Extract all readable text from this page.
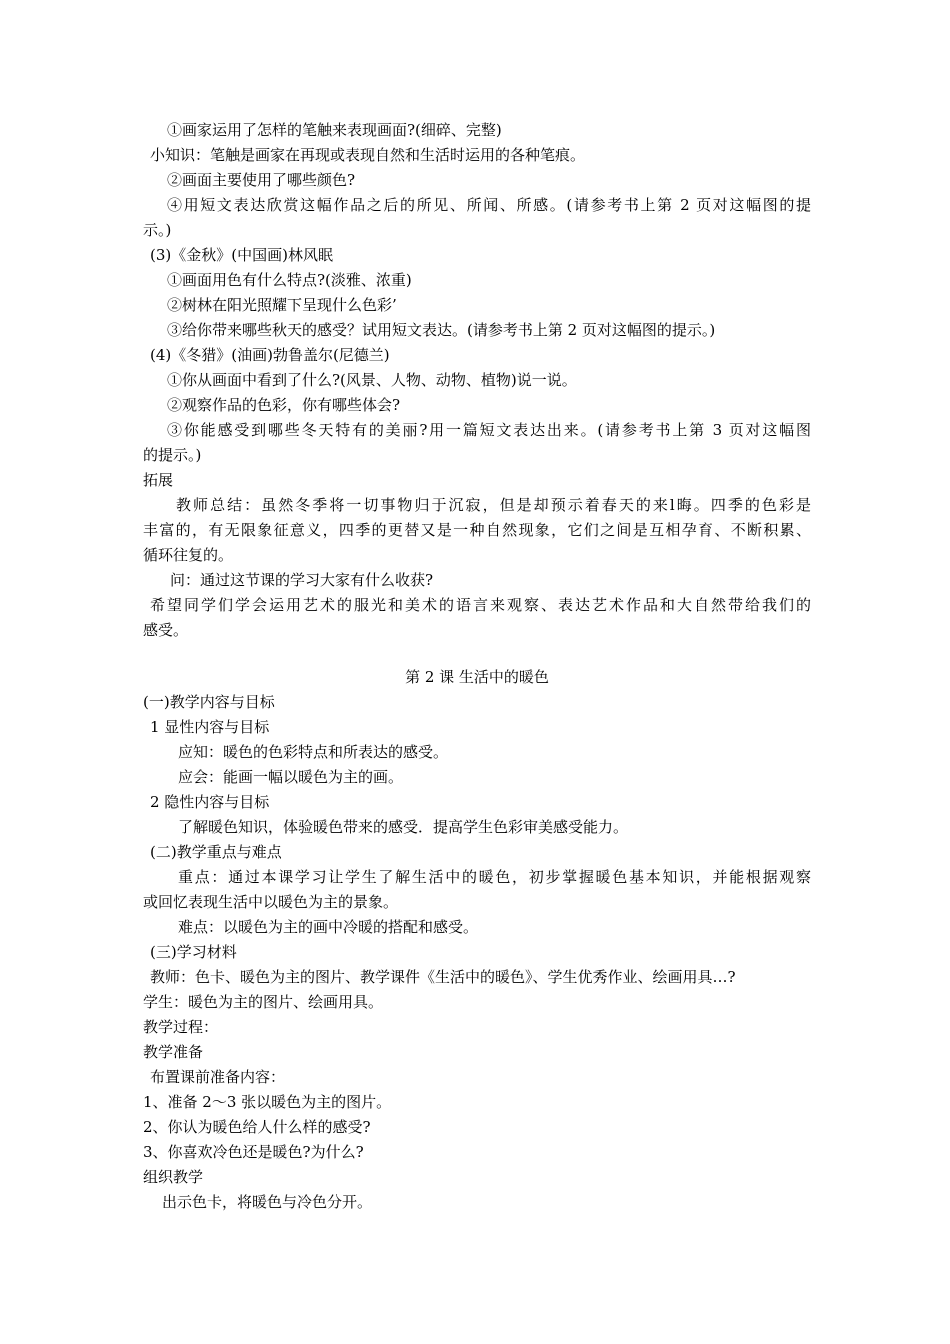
①画家运用了怎样的笔触来表现画面?(细碎、完整)
小知识：笔触是画家在再现或表现自然和生活时运用的各种笔痕。
②画面主要使用了哪些颜色?
④用短文表达欣赏这幅作品之后的所见、所闻、所感。(请参考书上第 2 页对这幅图的提
示。)
(3)《金秋》(中国画)林风眠
①画面用色有什么特点?(淡雅、浓重)
②树林在阳光照耀下呈现什么色彩’
③给你带来哪些秋天的感受？试用短文表达。(请参考书上第 2 页对这幅图的提示。)
(4)《冬猎》(油画)勃鲁盖尔(尼德兰)
①你从画面中看到了什么?(风景、人物、动物、植物)说一说。
②观察作品的色彩，你有哪些体会?
③你能感受到哪些冬天特有的美丽?用一篇短文表达出来。(请参考书上第 3 页对这幅图
的提示。)
拓展
教师总结：虽然冬季将一切事物归于沉寂，但是却预示着春天的来l晦。四季的色彩是
丰富的，有无限象征意义，四季的更替又是一种自然现象，它们之间是互相孕育、不断积累、
循环往复的。
问：通过这节课的学习大家有什么收获?
希望同学们学会运用艺术的服光和美术的语言来观察、表达艺术作品和大自然带给我们的
感受。
第 2 课 生活中的暖色
(一)教学内容与目标
1 显性内容与目标
应知：暖色的色彩特点和所表达的感受。
应会：能画一幅以暖色为主的画。
2 隐性内容与目标
了解暖色知识，体验暖色带来的感受．提高学生色彩审美感受能力。
(二)教学重点与难点
重点：通过本课学习让学生了解生活中的暖色，初步掌握暖色基本知识，并能根据观察
或回忆表现生活中以暖色为主的景象。
难点：以暖色为主的画中冷暖的搭配和感受。
(三)学习材料
教师：色卡、暖色为主的图片、教学课件《生活中的暖色》、学生优秀作业、绘画用具…?
学生：暖色为主的图片、绘画用具。
教学过程：
教学准备
布置课前准备内容：
1、准备 2～3 张以暖色为主的图片。
2、你认为暖色给人什么样的感受?
3、你喜欢冷色还是暖色?为什么?
组织教学
出示色卡，将暖色与冷色分开。
